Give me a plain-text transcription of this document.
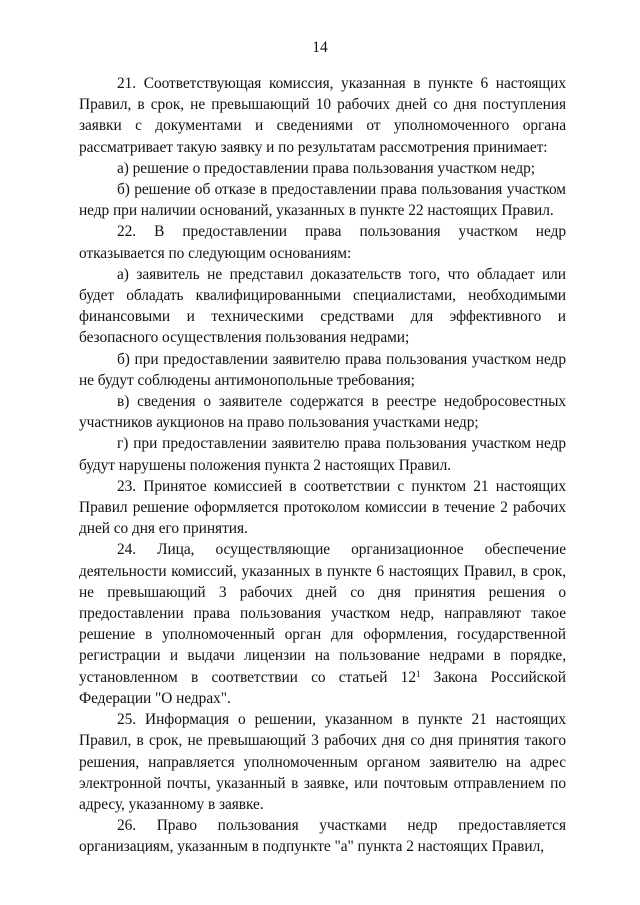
14

21. Соответствующая комиссия, указанная в пункте 6 настоящих Правил, в срок, не превышающий 10 рабочих дней со дня поступления заявки с документами и сведениями от уполномоченного органа рассматривает такую заявку и по результатам рассмотрения принимает:

а) решение о предоставлении права пользования участком недр;

б) решение об отказе в предоставлении права пользования участком недр при наличии оснований, указанных в пункте 22 настоящих Правил.

22. В предоставлении права пользования участком недр отказывается по следующим основаниям:

а) заявитель не представил доказательств того, что обладает или будет обладать квалифицированными специалистами, необходимыми финансовыми и техническими средствами для эффективного и безопасного осуществления пользования недрами;

б) при предоставлении заявителю права пользования участком недр не будут соблюдены антимонопольные требования;

в) сведения о заявителе содержатся в реестре недобросовестных участников аукционов на право пользования участками недр;

г) при предоставлении заявителю права пользования участком недр будут нарушены положения пункта 2 настоящих Правил.

23. Принятое комиссией в соответствии с пунктом 21 настоящих Правил решение оформляется протоколом комиссии в течение 2 рабочих дней со дня его принятия.

24. Лица, осуществляющие организационное обеспечение деятельности комиссий, указанных в пункте 6 настоящих Правил, в срок, не превышающий 3 рабочих дней со дня принятия решения о предоставлении права пользования участком недр, направляют такое решение в уполномоченный орган для оформления, государственной регистрации и выдачи лицензии на пользование недрами в порядке, установленном в соответствии со статьей $12^1$ Закона Российской Федерации "О недрах".

25. Информация о решении, указанном в пункте 21 настоящих Правил, в срок, не превышающий 3 рабочих дня со дня принятия такого решения, направляется уполномоченным органом заявителю на адрес электронной почты, указанный в заявке, или почтовым отправлением по адресу, указанному в заявке.

26. Право пользования участками недр предоставляется организациям, указанным в подпункте "а" пункта 2 настоящих Правил,
